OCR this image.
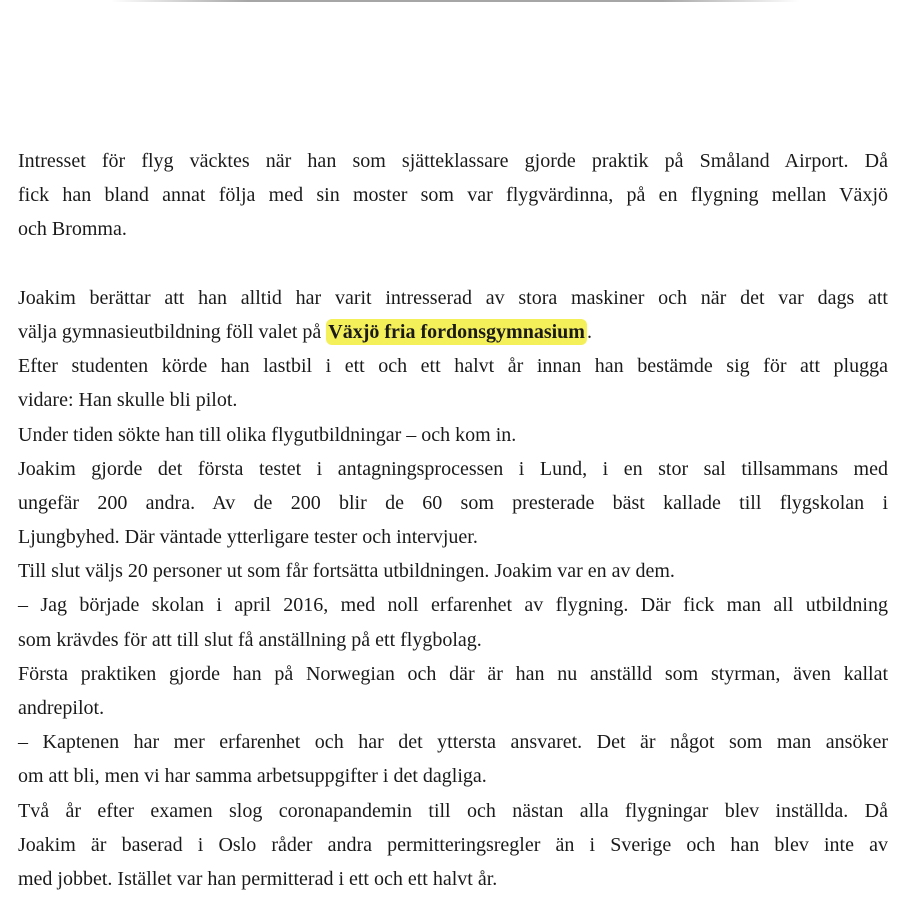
Intresset för flyg väcktes när han som sjätteklassare gjorde praktik på Småland Airport. Då
fick han bland annat följa med sin moster som var flygvärdinna, på en flygning mellan Växjö
och Bromma.
Joakim berättar att han alltid har varit intresserad av stora maskiner och när det var dags att
välja gymnasieutbildning föll valet på Växjö fria fordonsgymnasium .
Efter studenten körde han lastbil i ett och ett halvt år innan han bestämde sig för att plugga
vidare: Han skulle bli pilot.
Under tiden sökte han till olika flygutbildningar – och kom in.
Joakim gjorde det första testet i antagningsprocessen i Lund, i en stor sal tillsammans med
ungefär 200 andra. Av de 200 blir de 60 som presterade bäst kallade till flygskolan i
Ljungbyhed. Där väntade ytterligare tester och intervjuer.
Till slut väljs 20 personer ut som får fortsätta utbildningen. Joakim var en av dem.
– Jag började skolan i april 2016, med noll erfarenhet av flygning. Där fick man all utbildning
som krävdes för att till slut få anställning på ett flygbolag.
Första praktiken gjorde han på Norwegian och där är han nu anställd som styrman, även kallat
andrepilot.
– Kaptenen har mer erfarenhet och har det yttersta ansvaret. Det är något som man ansöker
om att bli, men vi har samma arbetsuppgifter i det dagliga.
Två år efter examen slog coronapandemin till och nästan alla flygningar blev inställda. Då
Joakim är baserad i Oslo råder andra permitteringsregler än i Sverige och han blev inte av
med jobbet. Istället var han permitterad i ett och ett halvt år.
